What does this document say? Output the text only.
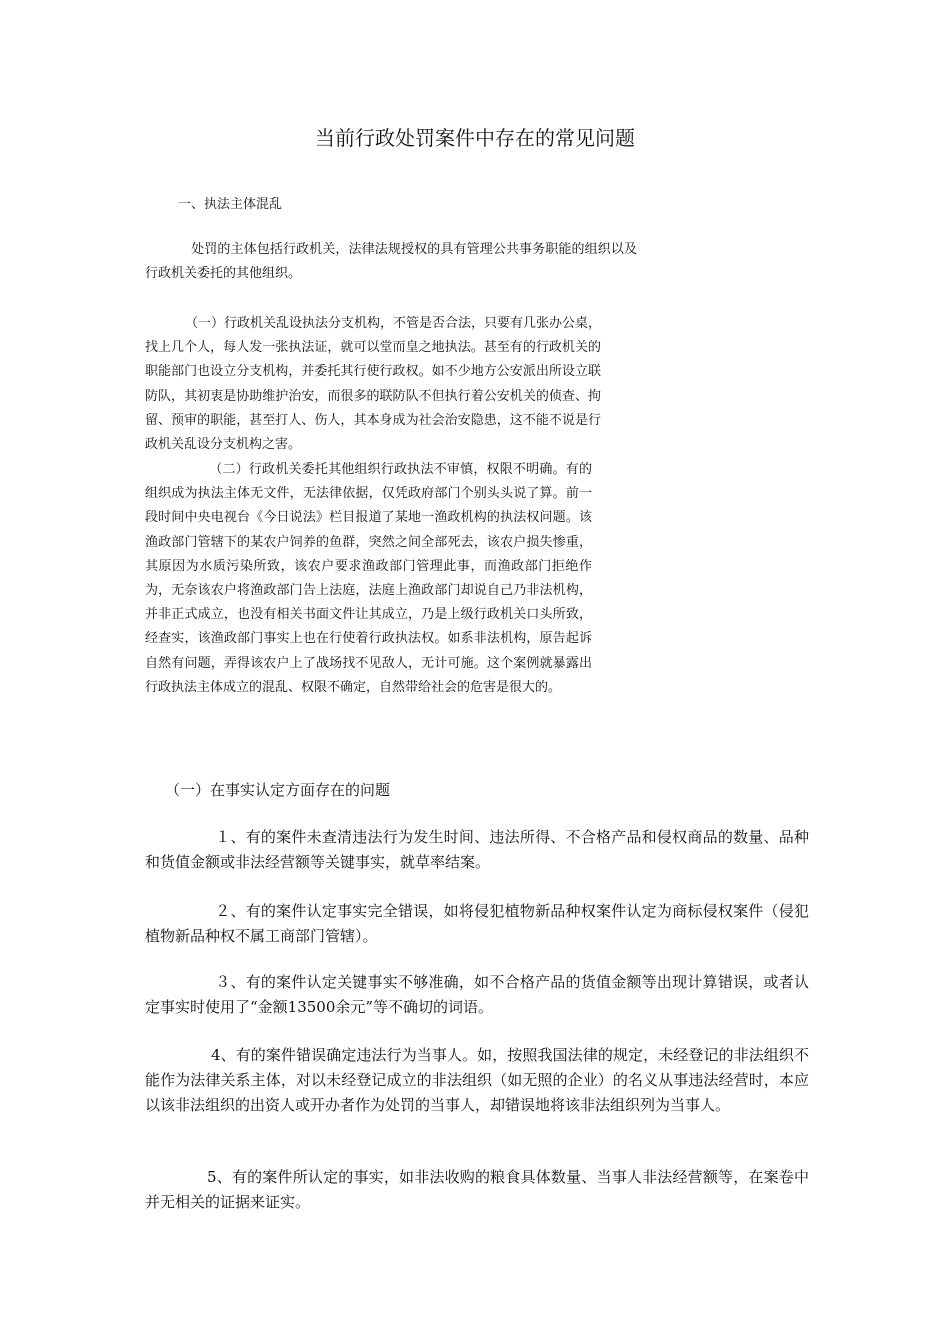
当前行政处罚案件中存在的常见问题
一、执法主体混乱
处罚的主体包括行政机关，法律法规授权的具有管理公共事务职能的组织以及行政机关委托的其他组织。
（一）行政机关乱设执法分支机构，不管是否合法，只要有几张办公桌，找上几个人，每人发一张执法证，就可以堂而皇之地执法。甚至有的行政机关的职能部门也设立分支机构，并委托其行使行政权。如不少地方公安派出所设立联防队，其初衷是协助维护治安，而很多的联防队不但执行着公安机关的侦查、拘留、预审的职能，甚至打人、伤人，其本身成为社会治安隐患，这不能不说是行政机关乱设分支机构之害。
（二）行政机关委托其他组织行政执法不审慎，权限不明确。有的组织成为执法主体无文件，无法律依据，仅凭政府部门个别头头说了算。前一段时间中央电视台《今日说法》栏目报道了某地一渔政机构的执法权问题。该渔政部门管辖下的某农户饲养的鱼群，突然之间全部死去，该农户损失惨重，其原因为水质污染所致，该农户要求渔政部门管理此事，而渔政部门拒绝作为，无奈该农户将渔政部门告上法庭，法庭上渔政部门却说自己乃非法机构，并非正式成立，也没有相关书面文件让其成立，乃是上级行政机关口头所致，经查实，该渔政部门事实上也在行使着行政执法权。如系非法机构，原告起诉自然有问题，弄得该农户上了战场找不见敌人，无计可施。这个案例就暴露出行政执法主体成立的混乱、权限不确定，自然带给社会的危害是很大的。
（一）在事实认定方面存在的问题
１、有的案件未查清违法行为发生时间、违法所得、不合格产品和侵权商品的数量、品种和货值金额或非法经营额等关键事实，就草率结案。
２、有的案件认定事实完全错误，如将侵犯植物新品种权案件认定为商标侵权案件（侵犯植物新品种权不属工商部门管辖）。
３、有的案件认定关键事实不够准确，如不合格产品的货值金额等出现计算错误，或者认定事实时使用了“金额13500余元”等不确切的词语。
4、有的案件错误确定违法行为当事人。如，按照我国法律的规定，未经登记的非法组织不能作为法律关系主体，对以未经登记成立的非法组织（如无照的企业）的名义从事违法经营时，本应以该非法组织的出资人或开办者作为处罚的当事人，却错误地将该非法组织列为当事人。
5、有的案件所认定的事实，如非法收购的粮食具体数量、当事人非法经营额等，在案卷中并无相关的证据来证实。
